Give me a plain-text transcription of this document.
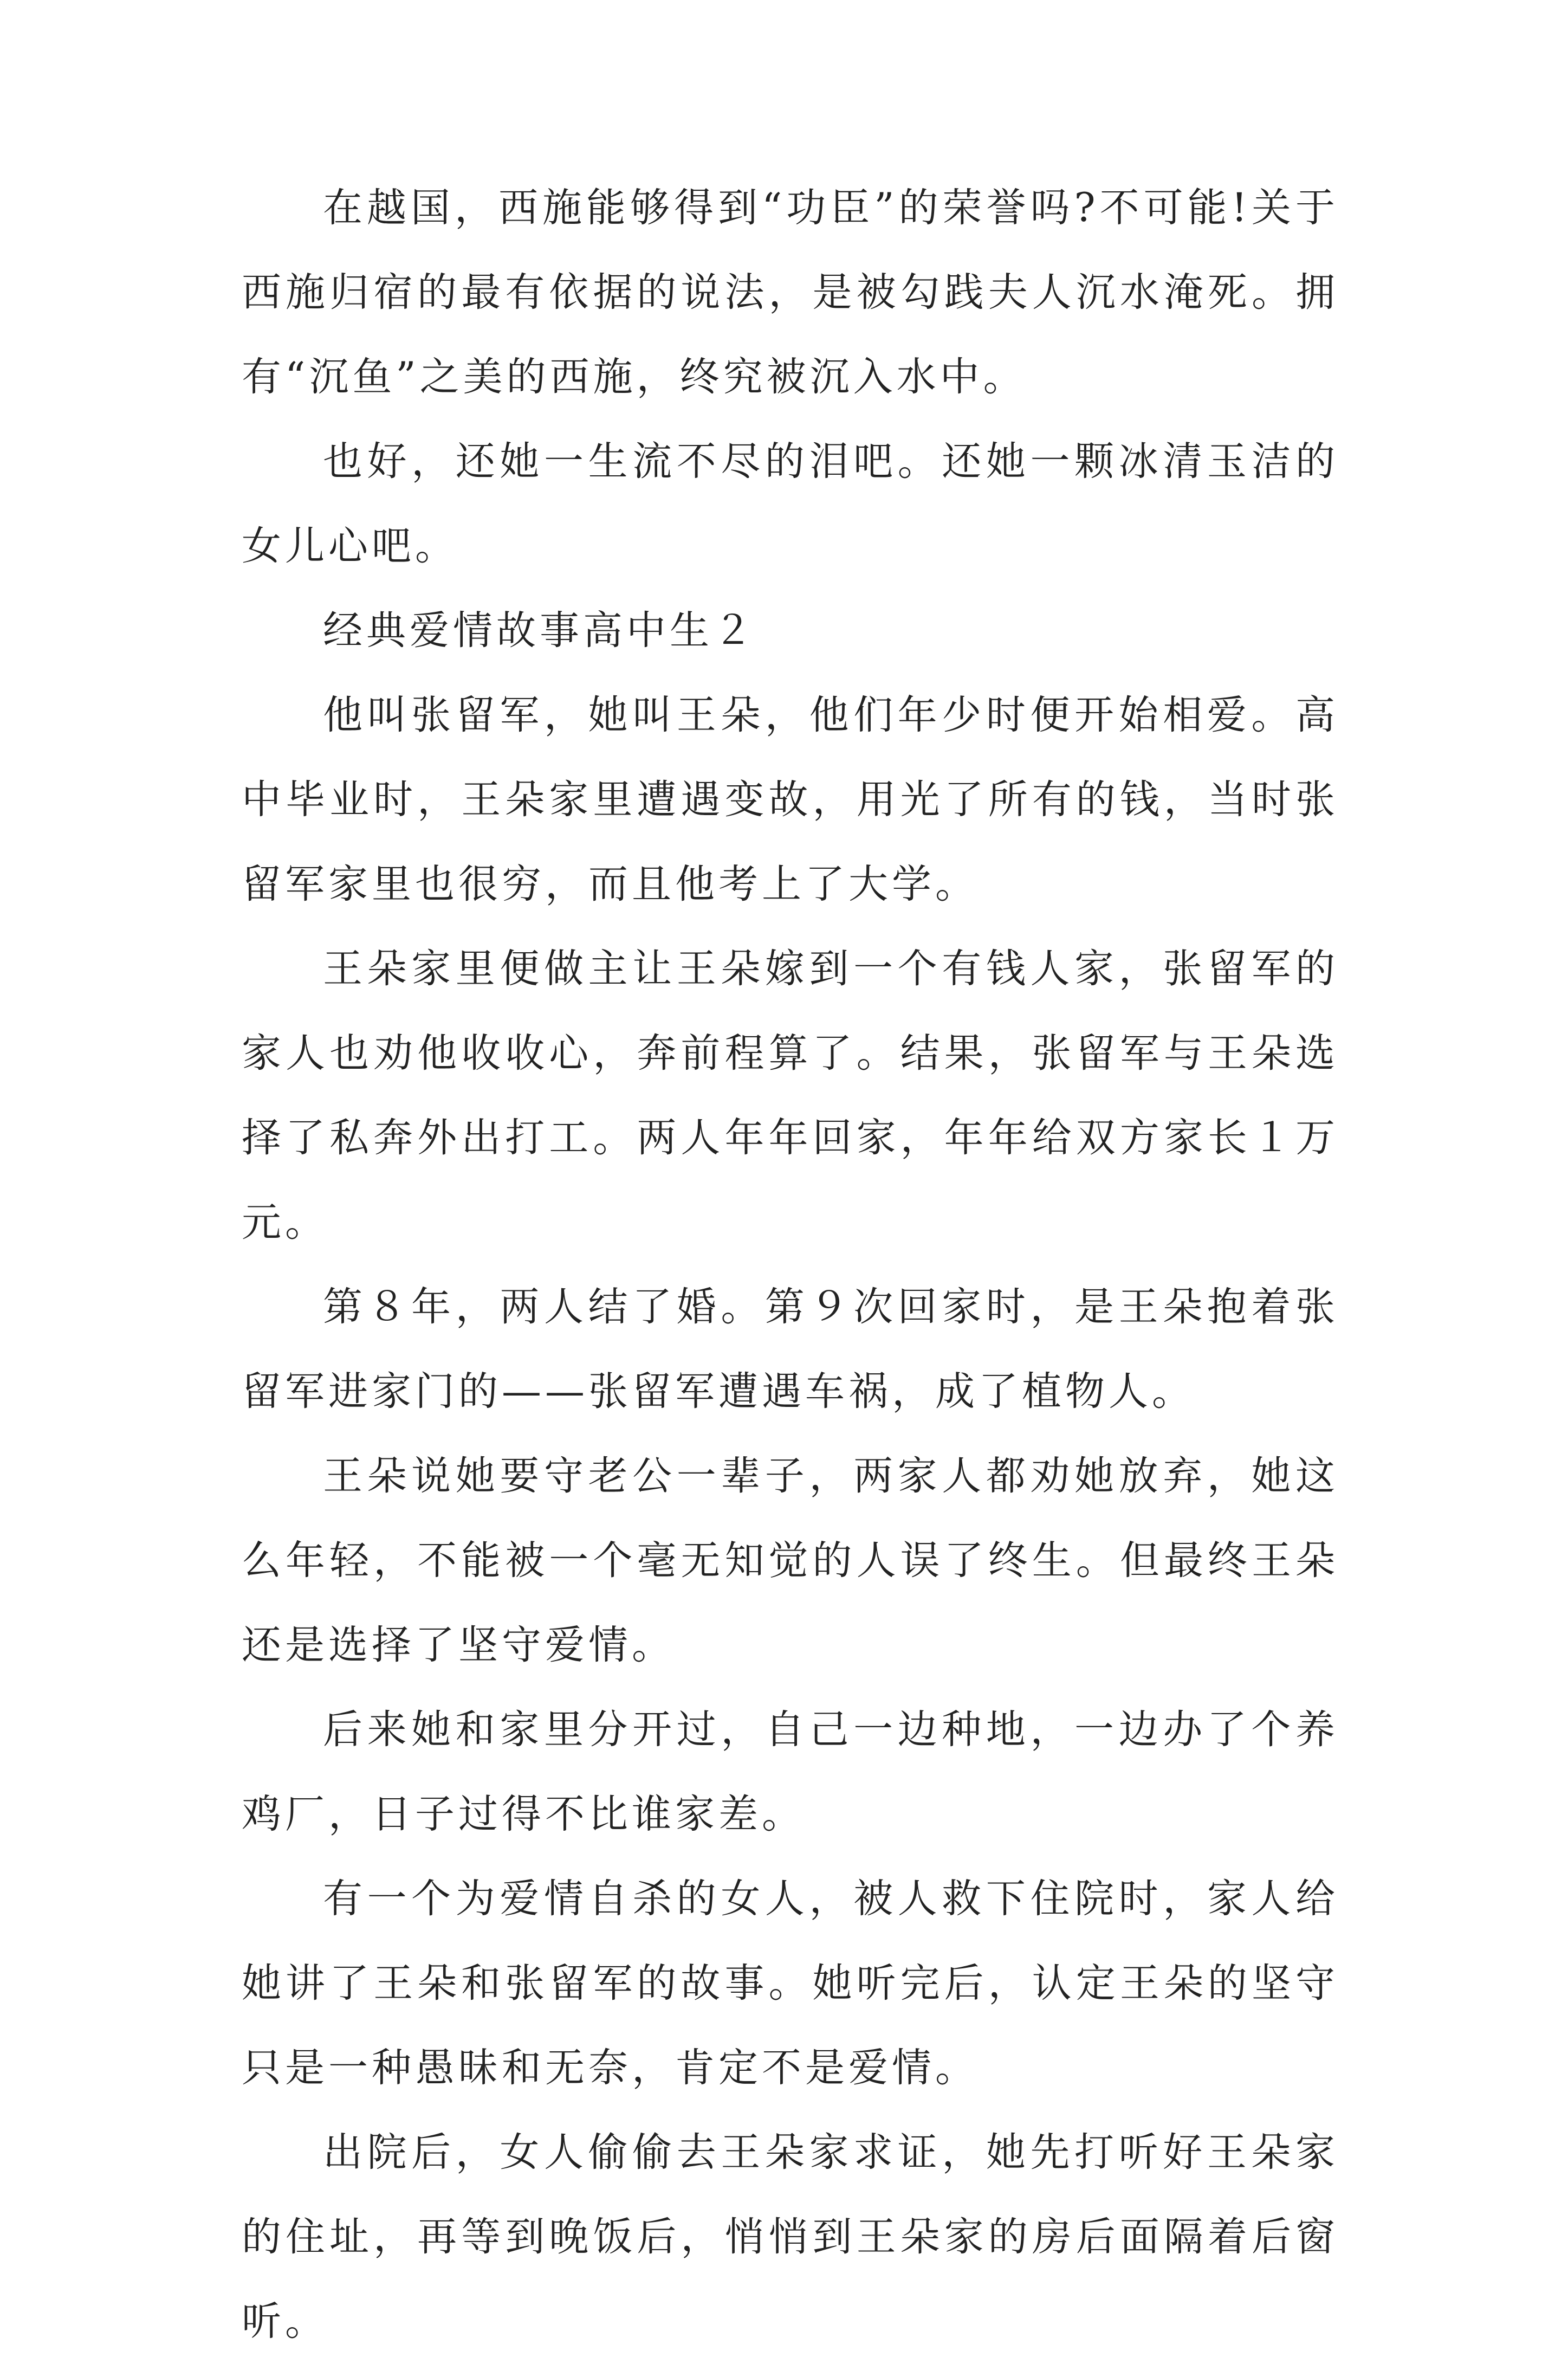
在越国，西施能够得到“功臣”的荣誉吗?不可能!关于西施归宿的最有依据的说法，是被勾践夫人沉水淹死。拥有“沉鱼”之美的西施，终究被沉入水中。

也好，还她一生流不尽的泪吧。还她一颗冰清玉洁的女儿心吧。

经典爱情故事高中生２

他叫张留军，她叫王朵，他们年少时便开始相爱。高中毕业时，王朵家里遭遇变故，用光了所有的钱，当时张留军家里也很穷，而且他考上了大学。

王朵家里便做主让王朵嫁到一个有钱人家，张留军的家人也劝他收收心，奔前程算了。结果，张留军与王朵选择了私奔外出打工。两人年年回家，年年给双方家长１万元。

第８年，两人结了婚。第９次回家时，是王朵抱着张留军进家门的——张留军遭遇车祸，成了植物人。

王朵说她要守老公一辈子，两家人都劝她放弃，她这么年轻，不能被一个毫无知觉的人误了终生。但最终王朵还是选择了坚守爱情。

后来她和家里分开过，自己一边种地，一边办了个养鸡厂，日子过得不比谁家差。

有一个为爱情自杀的女人，被人救下住院时，家人给她讲了王朵和张留军的故事。她听完后，认定王朵的坚守只是一种愚昧和无奈，肯定不是爱情。

出院后，女人偷偷去王朵家求证，她先打听好王朵家的住址，再等到晚饭后，悄悄到王朵家的房后面隔着后窗听。
